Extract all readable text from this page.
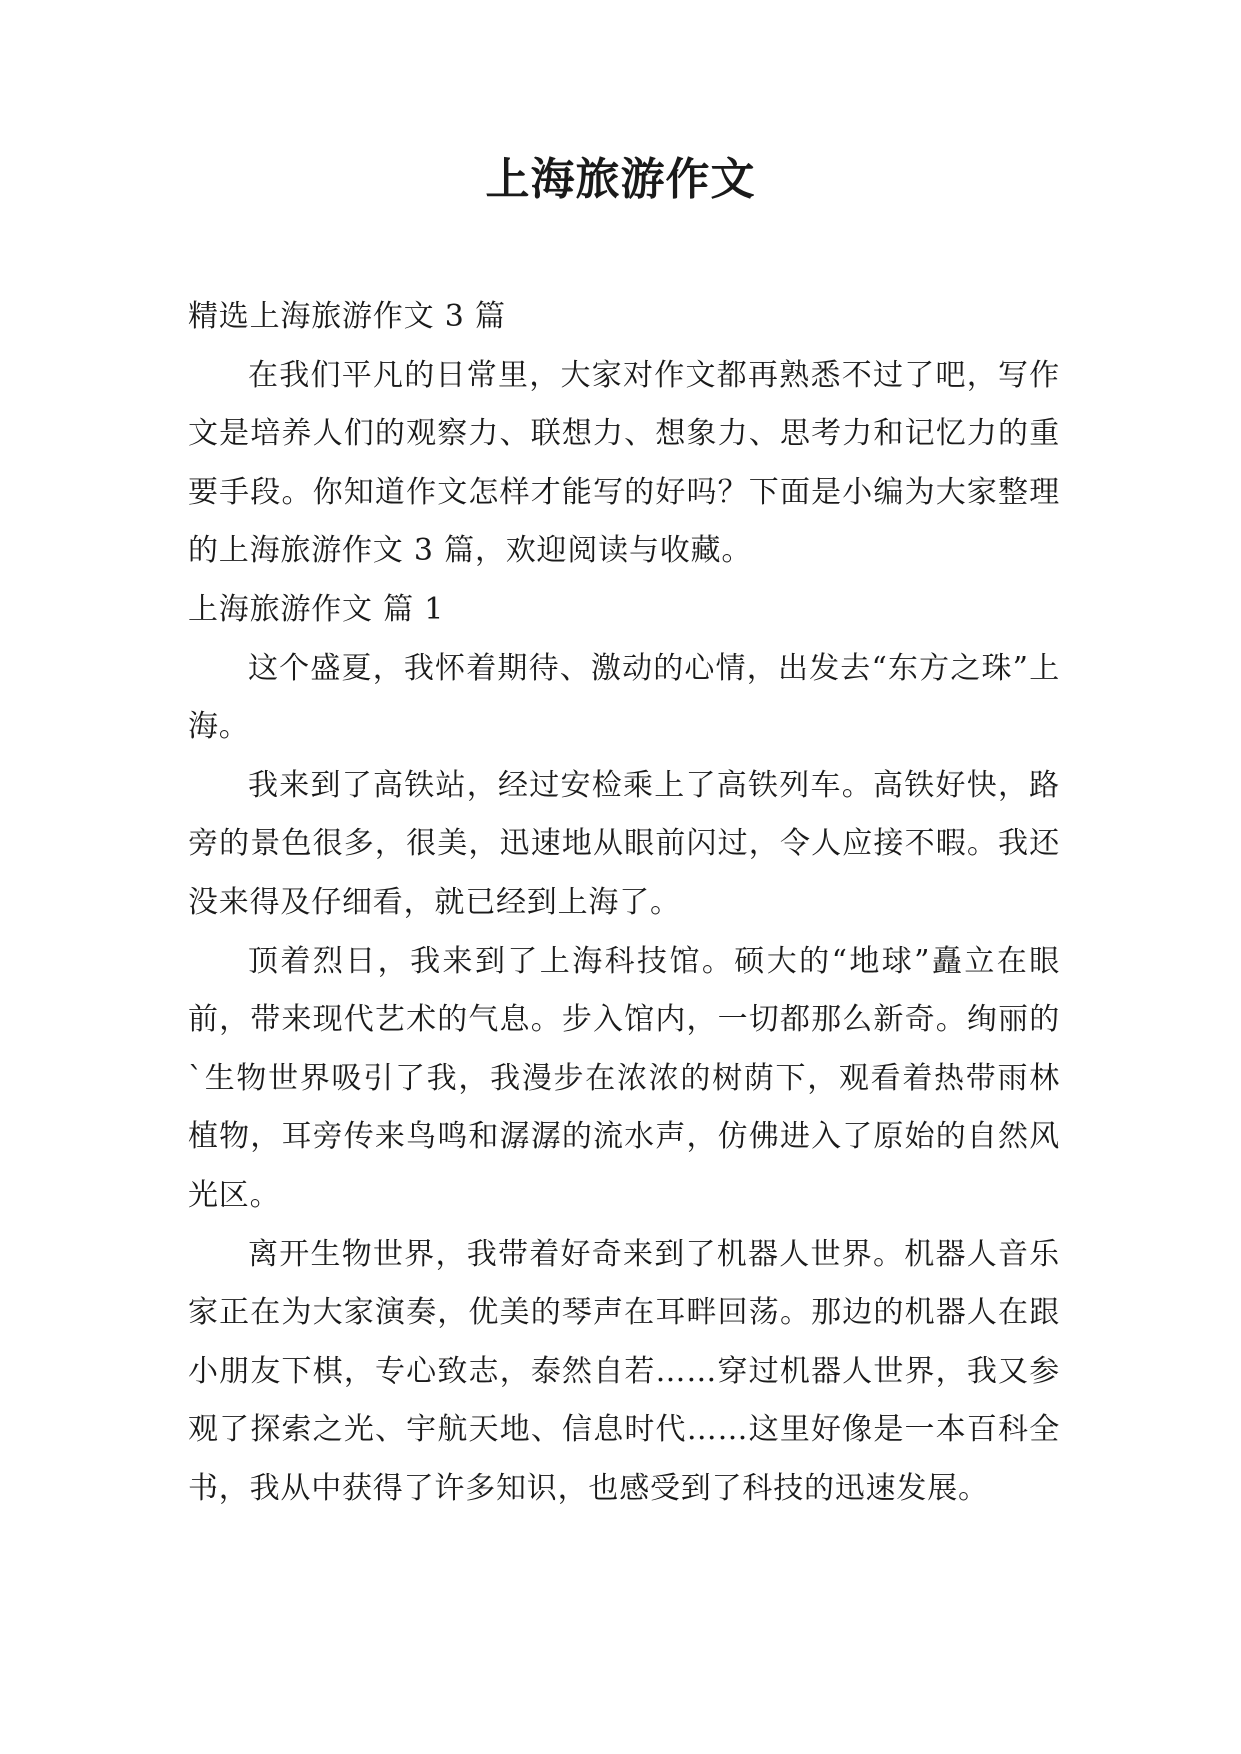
上海旅游作文

精选上海旅游作文 3 篇

在我们平凡的日常里，大家对作文都再熟悉不过了吧，写作文是培养人们的观察力、联想力、想象力、思考力和记忆力的重要手段。你知道作文怎样才能写的好吗？下面是小编为大家整理的上海旅游作文 3 篇，欢迎阅读与收藏。

上海旅游作文 篇 1

这个盛夏，我怀着期待、激动的心情，出发去“东方之珠”上海。

我来到了高铁站，经过安检乘上了高铁列车。高铁好快，路旁的景色很多，很美，迅速地从眼前闪过，令人应接不暇。我还没来得及仔细看，就已经到上海了。

顶着烈日，我来到了上海科技馆。硕大的“地球”矗立在眼前，带来现代艺术的气息。步入馆内，一切都那么新奇。绚丽的`生物世界吸引了我，我漫步在浓浓的树荫下，观看着热带雨林植物，耳旁传来鸟鸣和潺潺的流水声，仿佛进入了原始的自然风光区。

离开生物世界，我带着好奇来到了机器人世界。机器人音乐家正在为大家演奏，优美的琴声在耳畔回荡。那边的机器人在跟小朋友下棋，专心致志，泰然自若……穿过机器人世界，我又参观了探索之光、宇航天地、信息时代……这里好像是一本百科全书，我从中获得了许多知识，也感受到了科技的迅速发展。
